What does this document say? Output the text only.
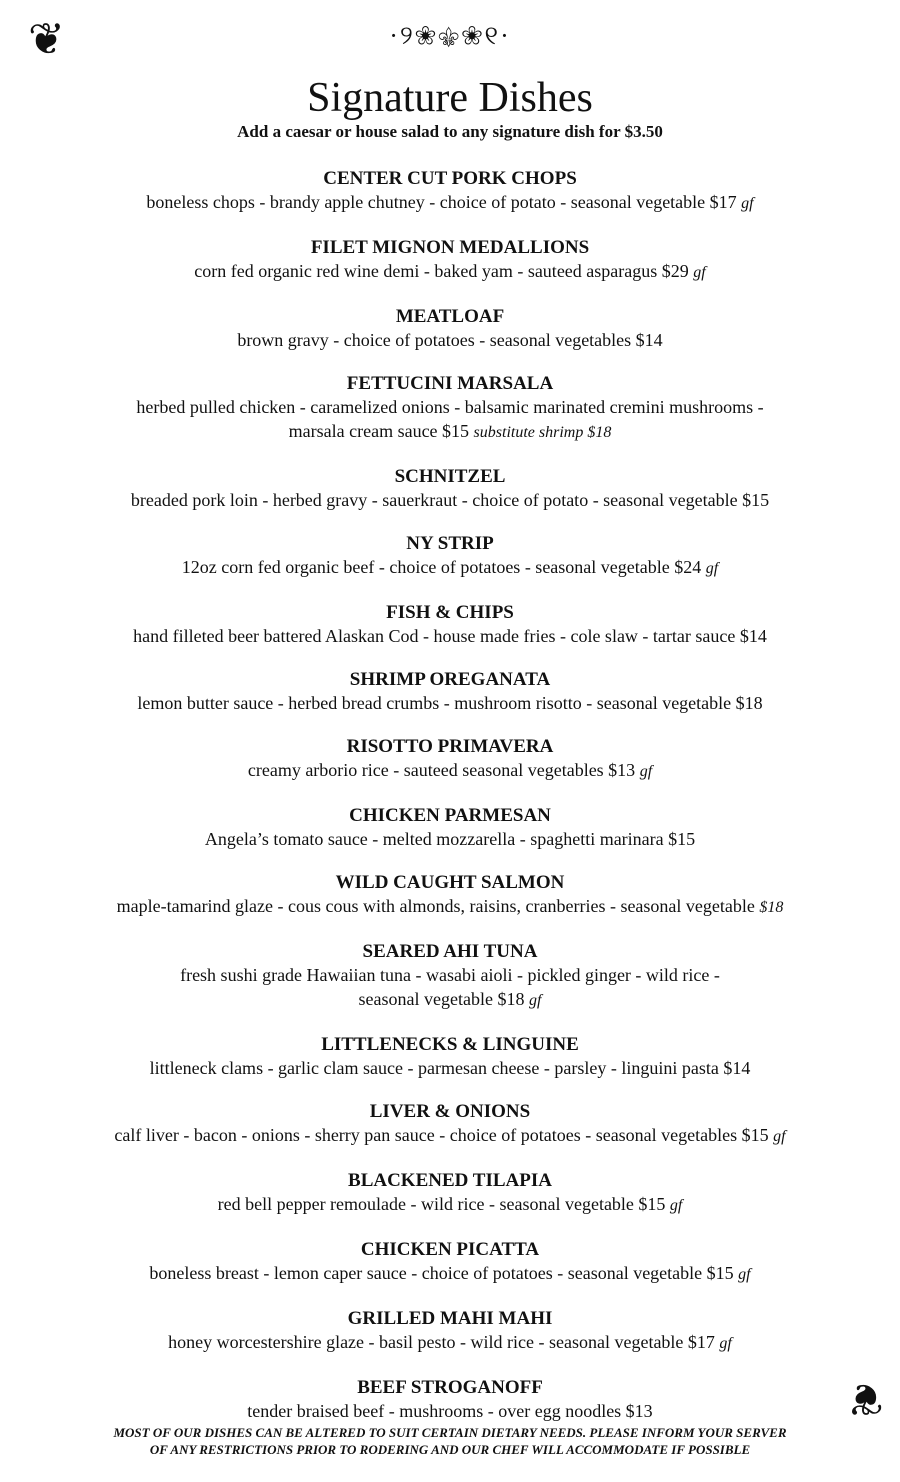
❦	·୨❀⚜❀୧·
Signature Dishes
Add a caesar or house salad to any signature dish for $3.50
CENTER CUT PORK CHOPS
boneless chops - brandy apple chutney - choice of potato - seasonal vegetable $17 gf
FILET MIGNON MEDALLIONS
corn fed organic red wine demi - baked yam - sauteed asparagus $29 gf
MEATLOAF
brown gravy - choice of potatoes - seasonal vegetables $14
FETTUCINI MARSALA
herbed pulled chicken - caramelized onions - balsamic marinated cremini mushrooms -
marsala cream sauce $15 substitute shrimp $18
SCHNITZEL
breaded pork loin - herbed gravy - sauerkraut - choice of potato - seasonal vegetable $15
NY STRIP
12oz corn fed organic beef - choice of potatoes - seasonal vegetable $24 gf
FISH & CHIPS
hand filleted beer battered Alaskan Cod - house made fries - cole slaw - tartar sauce $14
SHRIMP OREGANATA
lemon butter sauce - herbed bread crumbs - mushroom risotto - seasonal vegetable $18
RISOTTO PRIMAVERA
creamy arborio rice - sauteed seasonal vegetables $13 gf
CHICKEN PARMESAN
Angela’s tomato sauce - melted mozzarella - spaghetti marinara $15
WILD CAUGHT SALMON
maple-tamarind glaze - cous cous with almonds, raisins, cranberries - seasonal vegetable $18
SEARED AHI TUNA
fresh sushi grade Hawaiian tuna - wasabi aioli - pickled ginger - wild rice -
seasonal vegetable $18 gf
LITTLENECKS & LINGUINE
littleneck clams - garlic clam sauce - parmesan cheese - parsley - linguini pasta $14
LIVER & ONIONS
calf liver - bacon - onions - sherry pan sauce - choice of potatoes - seasonal vegetables $15 gf
BLACKENED TILAPIA
red bell pepper remoulade - wild rice - seasonal vegetable $15 gf
CHICKEN PICATTA
boneless breast - lemon caper sauce - choice of potatoes - seasonal vegetable $15 gf
GRILLED MAHI MAHI
honey worcestershire glaze - basil pesto - wild rice - seasonal vegetable $17 gf
BEEF STROGANOFF
tender braised beef - mushrooms - over egg noodles $13	❦
MOST OF OUR DISHES CAN BE ALTERED TO SUIT CERTAIN DIETARY NEEDS. PLEASE INFORM YOUR SERVER
OF ANY RESTRICTIONS PRIOR TO RODERING AND OUR CHEF WILL ACCOMMODATE IF POSSIBLE
